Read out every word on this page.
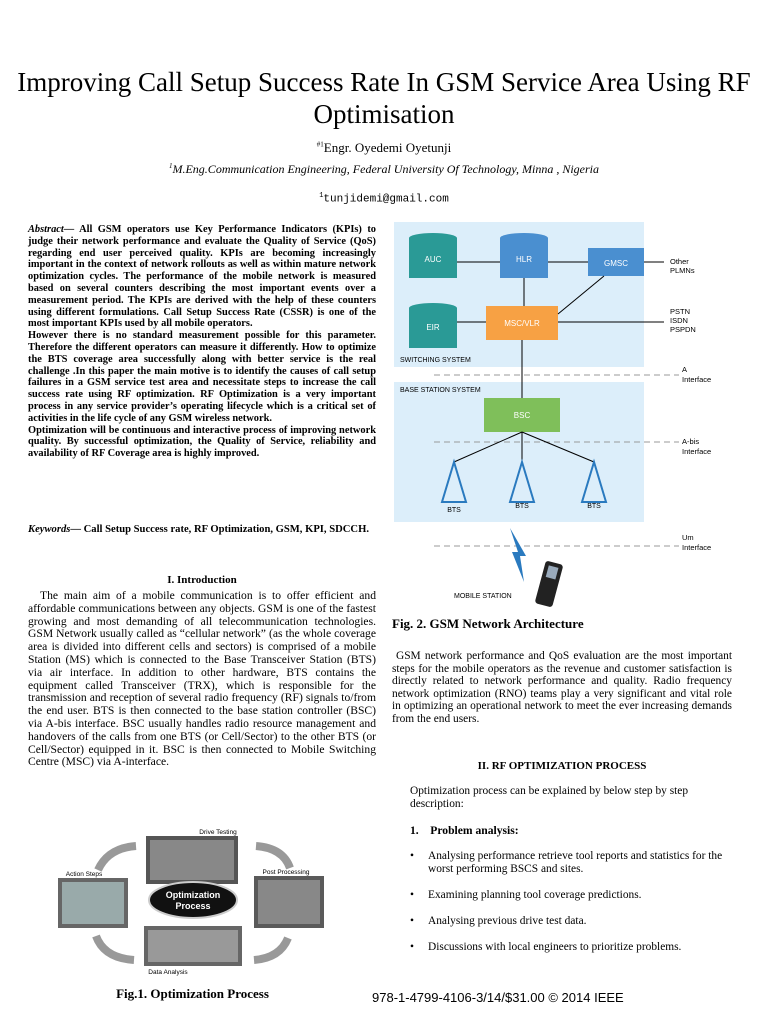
Improving Call Setup Success Rate In GSM Service Area Using RF Optimisation
$^{\#1}$Engr. Oyedemi Oyetunji
$^1$M.Eng.Communication Engineering, Federal University Of Technology, Minna , Nigeria
$^1$tunjidemi@gmail.com
Abstract— All GSM operators use Key Performance Indicators (KPIs) to judge their network performance and evaluate the Quality of Service (QoS) regarding end user perceived quality. KPIs are becoming increasingly important in the context of network rollouts as well as within mature network optimization cycles. The performance of the mobile network is measured based on several counters describing the most important events over a measurement period. The KPIs are derived with the help of these counters using different formulations. Call Setup Success Rate (CSSR) is one of the most important KPIs used by all mobile operators.
However there is no standard measurement possible for this parameter. Therefore the different operators can measure it differently. How to optimize the BTS coverage area successfully along with better service is the real challenge .In this paper the main motive is to identify the causes of call setup failures in a GSM service test area and necessitate steps to increase the call success rate using RF optimization. RF Optimization is a very important process in any service provider’s operating lifecycle which is a critical set of activities in the life cycle of any GSM wireless network.
Optimization will be continuous and interactive process of improving network quality. By successful optimization, the Quality of Service, reliability and availability of RF Coverage area is highly improved.
Keywords— Call Setup Success rate, RF Optimization, GSM, KPI, SDCCH.
I. Introduction
The main aim of a mobile communication is to offer efficient and affordable communications between any objects. GSM is one of the fastest growing and most demanding of all telecommunication technologies. GSM Network usually called as “cellular network” (as the whole coverage area is divided into different cells and sectors) is comprised of a mobile Station (MS) which is connected to the Base Transceiver Station (BTS) via air interface. In addition to other hardware, BTS contains the equipment called Transceiver (TRX), which is responsible for the transmission and reception of several radio frequency (RF) signals to/from the end user. BTS is then connected to the base station controller (BSC) via A-bis interface. BSC usually handles radio resource management and handovers of the calls from one BTS (or Cell/Sector) to the other BTS (or Cell/Sector) equipped in it. BSC is then connected to Mobile Switching Centre (MSC) via A-interface.
Optimization
Process
Drive Testing
Post Processing
Action Steps
Data Analysis
Fig.1. Optimization Process
SWITCHING SYSTEM
BASE STATION SYSTEM
AUC	HLR	GMSC
EIR	MSC/VLR
BSC
BTS
BTS	BTS
Other
PLMNs
PSTN
ISDN
PSPDN
A
Interface
A-bis
Interface
Um
Interface
MOBILE STATION
Fig. 2. GSM Network Architecture
GSM network performance and QoS evaluation are the most important steps for the mobile operators as the revenue and customer satisfaction is directly related to network performance and quality. Radio frequency network optimization (RNO) teams play a very significant and vital role in optimizing an operational network to meet the ever increasing demands from the end users.
II. RF OPTIMIZATION PROCESS
Optimization process can be explained by below step by step description:
1.    Problem analysis:
• Analysing performance retrieve tool reports and statistics for the worst performing BSCS and sites.
• Examining planning tool coverage predictions.
• Analysing previous drive test data.
• Discussions with local engineers to prioritize problems.
978-1-4799-4106-3/14/$31.00 © 2014 IEEE
